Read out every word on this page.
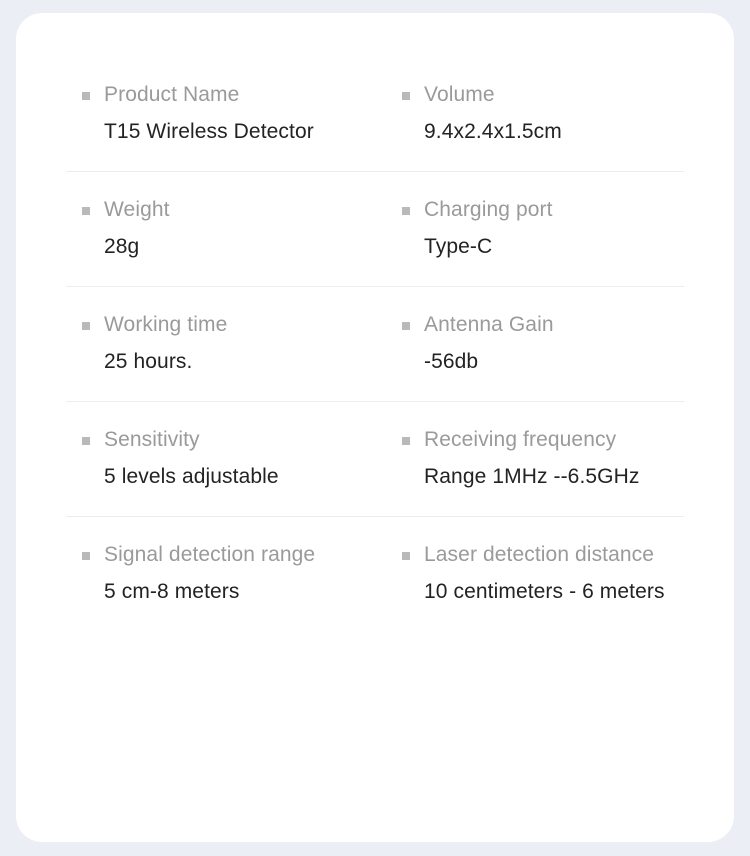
Product Name
T15 Wireless Detector
Volume
9.4x2.4x1.5cm
Weight
28g
Charging port
Type-C
Working time
25 hours.
Antenna Gain
-56db
Sensitivity
5 levels adjustable
Receiving frequency
Range 1MHz --6.5GHz
Signal detection range
5 cm-8 meters
Laser detection distance
10 centimeters - 6 meters
